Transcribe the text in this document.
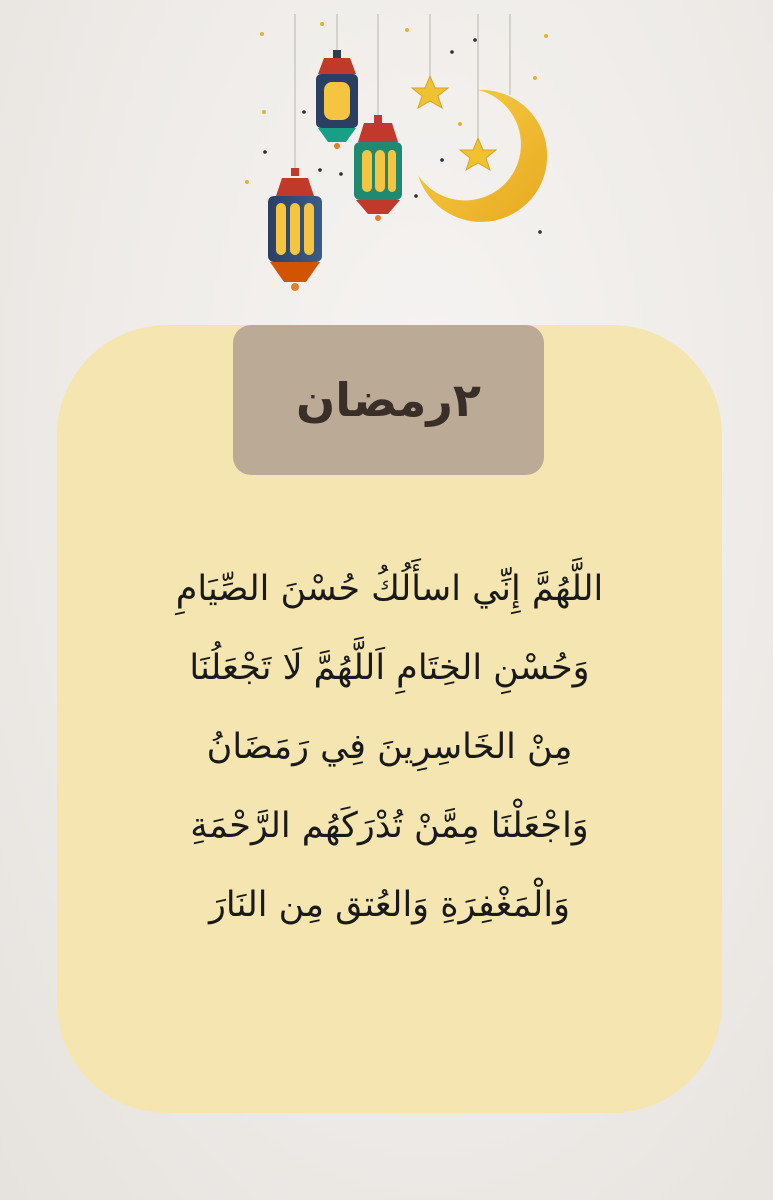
٢رمضان
اللَّهُمَّ إِنِّي اسأَلُكُ حُسْنَ الصِّيَامِ
وَحُسْنِ الخِتَامِ اَللَّهُمَّ لَا تَجْعَلُنَا
مِنْ الخَاسِرِينَ فِي رَمَضَانُ
وَاجْعَلْنَا مِمَّنْ تُدْرَكَهُم الرَّحْمَةِ
وَالْمَغْفِرَةِ وَالعُتق مِن النَارَ
